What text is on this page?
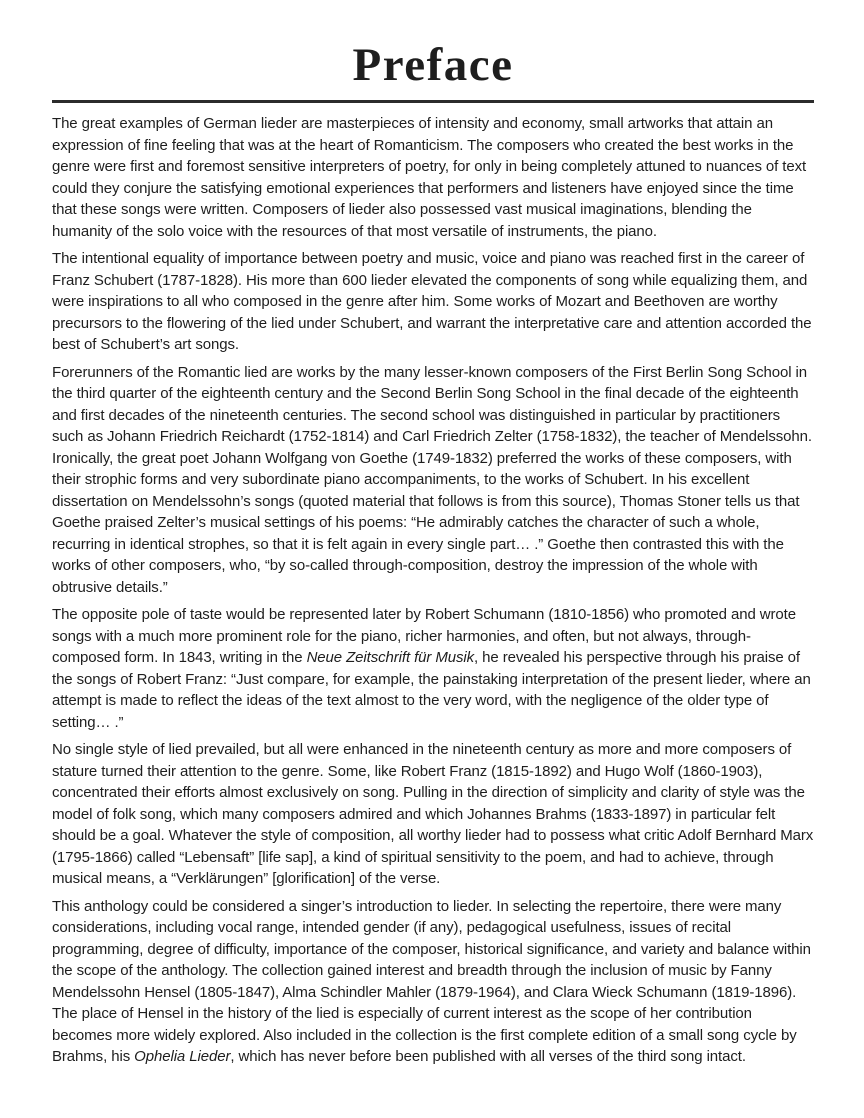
Preface

The great examples of German lieder are masterpieces of intensity and economy, small artworks that attain an expression of fine feeling that was at the heart of Romanticism. The composers who created the best works in the genre were first and foremost sensitive interpreters of poetry, for only in being completely attuned to nuances of text could they conjure the satisfying emotional experiences that performers and listeners have enjoyed since the time that these songs were written. Composers of lieder also possessed vast musical imaginations, blending the humanity of the solo voice with the resources of that most versatile of instruments, the piano.

The intentional equality of importance between poetry and music, voice and piano was reached first in the career of Franz Schubert (1787-1828). His more than 600 lieder elevated the components of song while equalizing them, and were inspirations to all who composed in the genre after him. Some works of Mozart and Beethoven are worthy precursors to the flowering of the lied under Schubert, and warrant the interpretative care and attention accorded the best of Schubert’s art songs.

Forerunners of the Romantic lied are works by the many lesser-known composers of the First Berlin Song School in the third quarter of the eighteenth century and the Second Berlin Song School in the final decade of the eighteenth and first decades of the nineteenth centuries. The second school was distinguished in particular by practitioners such as Johann Friedrich Reichardt (1752-1814) and Carl Friedrich Zelter (1758-1832), the teacher of Mendelssohn. Ironically, the great poet Johann Wolfgang von Goethe (1749-1832) preferred the works of these composers, with their strophic forms and very subordinate piano accompaniments, to the works of Schubert. In his excellent dissertation on Mendelssohn’s songs (quoted material that follows is from this source), Thomas Stoner tells us that Goethe praised Zelter’s musical settings of his poems: “He admirably catches the character of such a whole, recurring in identical strophes, so that it is felt again in every single part… .” Goethe then contrasted this with the works of other composers, who, “by so-called through-composition, destroy the impression of the whole with obtrusive details.”

The opposite pole of taste would be represented later by Robert Schumann (1810-1856) who promoted and wrote songs with a much more prominent role for the piano, richer harmonies, and often, but not always, through-composed form. In 1843, writing in the Neue Zeitschrift für Musik, he revealed his perspective through his praise of the songs of Robert Franz: “Just compare, for example, the painstaking interpretation of the present lieder, where an attempt is made to reflect the ideas of the text almost to the very word, with the negligence of the older type of setting… .”

No single style of lied prevailed, but all were enhanced in the nineteenth century as more and more composers of stature turned their attention to the genre. Some, like Robert Franz (1815-1892) and Hugo Wolf (1860-1903), concentrated their efforts almost exclusively on song. Pulling in the direction of simplicity and clarity of style was the model of folk song, which many composers admired and which Johannes Brahms (1833-1897) in particular felt should be a goal. Whatever the style of composition, all worthy lieder had to possess what critic Adolf Bernhard Marx (1795-1866) called “Lebensaft” [life sap], a kind of spiritual sensitivity to the poem, and had to achieve, through musical means, a “Verklärungen” [glorification] of the verse.

This anthology could be considered a singer’s introduction to lieder. In selecting the repertoire, there were many considerations, including vocal range, intended gender (if any), pedagogical usefulness, issues of recital programming, degree of difficulty, importance of the composer, historical significance, and variety and balance within the scope of the anthology. The collection gained interest and breadth through the inclusion of music by Fanny Mendelssohn Hensel (1805-1847), Alma Schindler Mahler (1879-1964), and Clara Wieck Schumann (1819-1896). The place of Hensel in the history of the lied is especially of current interest as the scope of her contribution becomes more widely explored. Also included in the collection is the first complete edition of a small song cycle by Brahms, his Ophelia Lieder, which has never before been published with all verses of the third song intact.
